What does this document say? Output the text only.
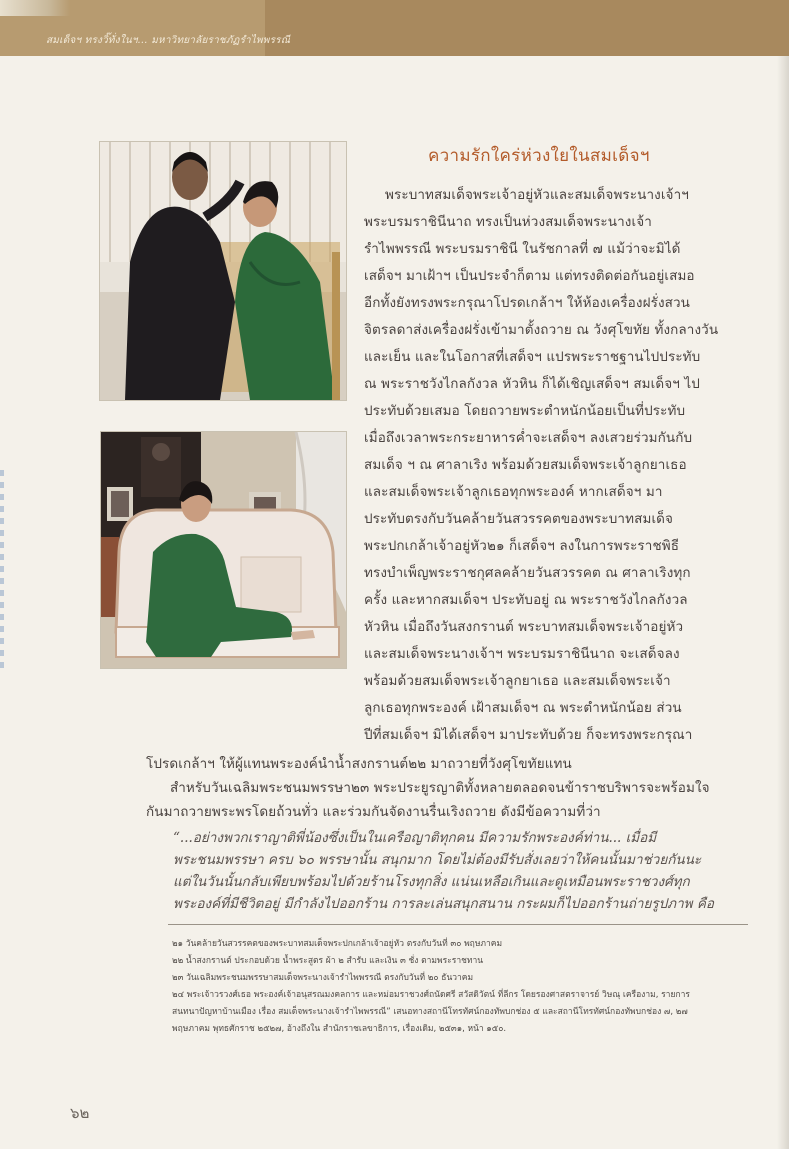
สมเด็จฯ ทรงวิ๊ทั่งในฯ... มหาวิทยาลัยราชภัฏรำไพพรรณี
ความรักใคร่ห่วงใยในสมเด็จฯ
พระบาทสมเด็จพระเจ้าอยู่หัวและสมเด็จพระนางเจ้าฯ
พระบรมราชินีนาถ ทรงเป็นห่วงสมเด็จพระนางเจ้า
รำไพพรรณี พระบรมราชินี ในรัชกาลที่ ๗ แม้ว่าจะมิได้
เสด็จฯ มาเฝ้าฯ เป็นประจำก็ตาม แต่ทรงติดต่อกันอยู่เสมอ
อีกทั้งยังทรงพระกรุณาโปรดเกล้าฯ ให้ห้องเครื่องฝรั่งสวน
จิตรลดาส่งเครื่องฝรั่งเข้ามาตั้งถวาย ณ วังศุโขทัย ทั้งกลางวัน
และเย็น และในโอกาสที่เสด็จฯ แปรพระราชฐานไปประทับ
ณ พระราชวังไกลกังวล หัวหิน ก็ได้เชิญเสด็จฯ สมเด็จฯ ไป
ประทับด้วยเสมอ โดยถวายพระตำหนักน้อยเป็นที่ประทับ
เมื่อถึงเวลาพระกระยาหารค่ำจะเสด็จฯ ลงเสวยร่วมกันกับ
สมเด็จ ฯ ณ ศาลาเริง พร้อมด้วยสมเด็จพระเจ้าลูกยาเธอ
และสมเด็จพระเจ้าลูกเธอทุกพระองค์ หากเสด็จฯ มา
ประทับตรงกับวันคล้ายวันสวรรคตของพระบาทสมเด็จ
พระปกเกล้าเจ้าอยู่หัว๒๑ ก็เสด็จฯ ลงในการพระราชพิธี
ทรงบำเพ็ญพระราชกุศลคล้ายวันสวรรคต ณ ศาลาเริงทุก
ครั้ง และหากสมเด็จฯ ประทับอยู่ ณ พระราชวังไกลกังวล
หัวหิน เมื่อถึงวันสงกรานต์ พระบาทสมเด็จพระเจ้าอยู่หัว
และสมเด็จพระนางเจ้าฯ พระบรมราชินีนาถ จะเสด็จลง
พร้อมด้วยสมเด็จพระเจ้าลูกยาเธอ และสมเด็จพระเจ้า
ลูกเธอทุกพระองค์ เฝ้าสมเด็จฯ ณ พระตำหนักน้อย ส่วน
ปีที่สมเด็จฯ มิได้เสด็จฯ มาประทับด้วย ก็จะทรงพระกรุณา
โปรดเกล้าฯ ให้ผู้แทนพระองค์นำน้ำสงกรานต์๒๒ มาถวายที่วังศุโขทัยแทน
สำหรับวันเฉลิมพระชนมพรรษา๒๓ พระประยูรญาติทั้งหลายตลอดจนข้าราชบริพารจะพร้อมใจ
กันมาถวายพระพรโดยถ้วนทั่ว และร่วมกันจัดงานรื่นเริงถวาย ดังมีข้อความที่ว่า
“...อย่างพวกเราญาติพี่น้องซึ่งเป็นในเครือญาติทุกคน มีความรักพระองค์ท่าน... เมื่อมี
พระชนมพรรษา ครบ ๖๐ พรรษานั้น สนุกมาก โดยไม่ต้องมีรับสั่งเลยว่าให้คนนั้นมาช่วยกันนะ
แต่ในวันนั้นกลับเพียบพร้อมไปด้วยร้านโรงทุกสิ่ง แน่นเหลือเกินและดูเหมือนพระราชวงศ์ทุก
พระองค์ที่มีชีวิตอยู่ มีกำลังไปออกร้าน การละเล่นสนุกสนาน กระผมก็ไปออกร้านถ่ายรูปภาพ คือ
๒๑ วันคล้ายวันสวรรคตของพระบาทสมเด็จพระปกเกล้าเจ้าอยู่หัว ตรงกับวันที่ ๓๐ พฤษภาคม
๒๒ น้ำสงกรานต์ ประกอบด้วย น้ำพระสูตร ผ้า ๒ สำรับ และเงิน ๓ ชั่ง ตามพระราชทาน
๒๓ วันเฉลิมพระชนมพรรษาสมเด็จพระนางเจ้ารำไพพรรณี ตรงกับวันที่ ๒๐ ธันวาคม
๒๔ พระเจ้าวรวงศ์เธอ พระองค์เจ้าอนุสรณมงคลการ และหม่อมราชวงศ์ถนัดศรี สวัสดิวัตน์ ที่ลีกร โดยรองศาสตราจารย์ วิษณุ เครืองาม, รายการ
สนทนาปัญหาบ้านเมือง เรื่อง สมเด็จพระนางเจ้ารำไพพรรณี” เสนอทางสถานีโทรทัศน์กองทัพบกช่อง ๕ และสถานีโทรทัศน์กองทัพบกช่อง ๗, ๒๗
พฤษภาคม พุทธศักราช ๒๕๒๗, อ้างถึงใน สำนักราชเลขาธิการ, เรื่องเดิม, ๒๕๓๑, หน้า ๑๕๐.
๖๒
